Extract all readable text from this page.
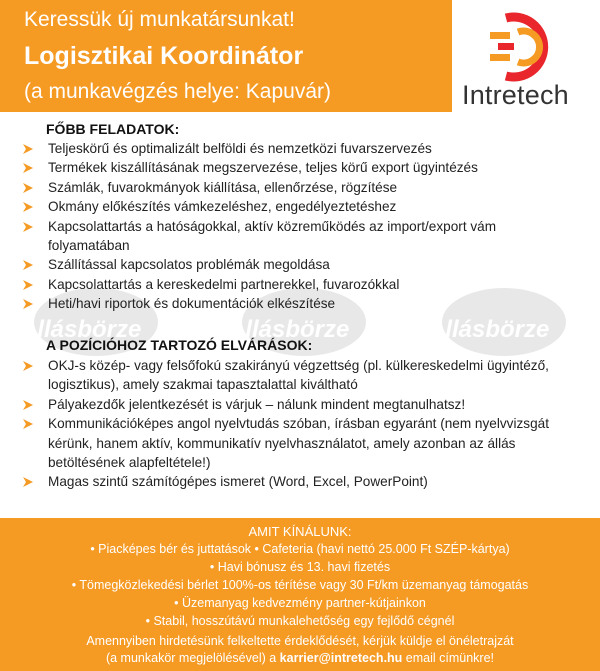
Keressük új munkatársunkat!
Logisztikai Koordinátor
(a munkavégzés helye: Kapuvár)	Intretech
Állásbörze	Állásbörze	Állásbörze
FŐBB FELADATOK:
Teljeskörű és optimalizált belföldi és nemzetközi fuvarszervezés
Termékek kiszállításának megszervezése, teljes körű export ügyintézés
Számlák, fuvarokmányok kiállítása, ellenőrzése, rögzítése
Okmány előkészítés vámkezeléshez, engedélyeztetéshez
Kapcsolattartás a hatóságokkal, aktív közreműködés az import/export vám folyamatában
Szállítással kapcsolatos problémák megoldása
Kapcsolattartás a kereskedelmi partnerekkel, fuvarozókkal
Heti/havi riportok és dokumentációk elkészítése
A POZÍCIÓHOZ TARTOZÓ ELVÁRÁSOK:
OKJ-s közép- vagy felsőfokú szakirányú végzettség (pl. külkereskedelmi ügyintéző, logisztikus), amely szakmai tapasztalattal kiváltható
Pályakezdők jelentkezését is várjuk – nálunk mindent megtanulhatsz!
Kommunikációképes angol nyelvtudás szóban, írásban egyaránt (nem nyelvvizsgát kérünk, hanem aktív, kommunikatív nyelvhasználatot, amely azonban az állás betöltésének alapfeltétele!)
Magas szintű számítógépes ismeret (Word, Excel, PowerPoint)
AMIT KÍNÁLUNK:
• Piacképes bér és juttatások • Cafeteria (havi nettó 25.000 Ft SZÉP-kártya)
• Havi bónusz és 13. havi fizetés
• Tömegközlekedési bérlet 100%-os térítése vagy 30 Ft/km üzemanyag támogatás
• Üzemanyag kedvezmény partner-kútjainkon
• Stabil, hosszútávú munkalehetőség egy fejlődő cégnél
Amennyiben hirdetésünk felkeltette érdeklődését, kérjük küldje el önéletrajzát
(a munkakör megjelölésével) a karrier@intretech.hu email címünkre!
